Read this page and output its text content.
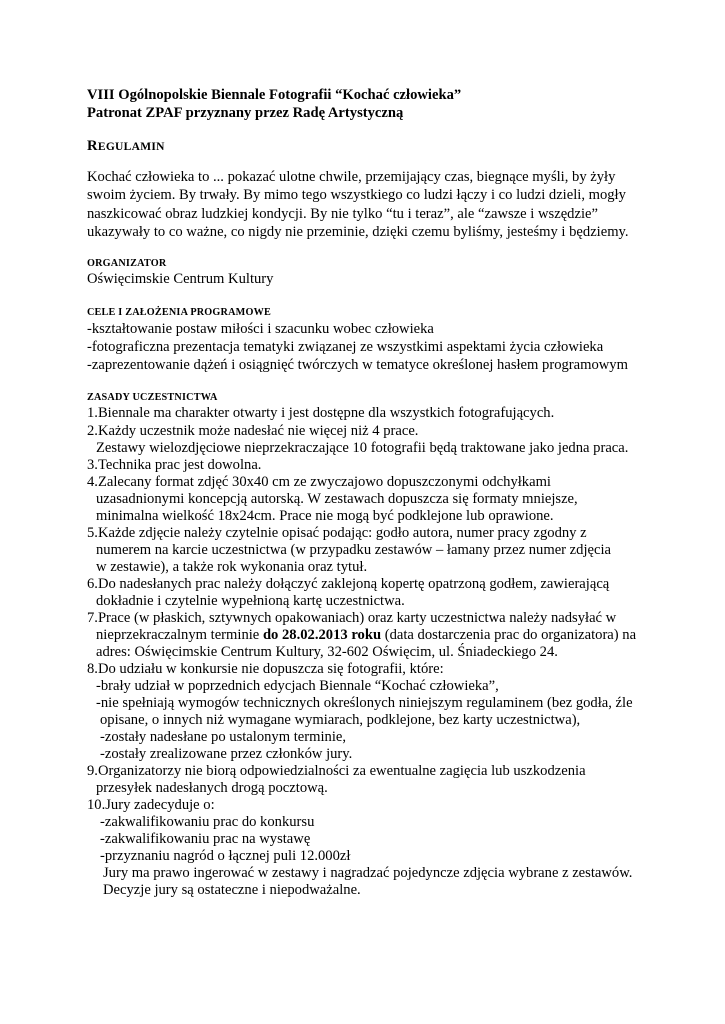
VIII Ogólnopolskie Biennale Fotografii “Kochać człowieka”
Patronat ZPAF przyznany przez Radę Artystyczną
REGULAMIN
Kochać człowieka to ... pokazać ulotne chwile, przemijający czas, biegnące myśli, by żyły
swoim życiem. By trwały. By mimo tego wszystkiego co ludzi łączy i co ludzi dzieli, mogły
naszkicować obraz ludzkiej kondycji. By nie tylko “tu i teraz”, ale “zawsze i wszędzie”
ukazywały to co ważne, co nigdy nie przeminie, dzięki czemu byliśmy, jesteśmy i będziemy.
ORGANIZATOR
Oświęcimskie Centrum Kultury
CELE I ZAŁOŻENIA PROGRAMOWE
-kształtowanie postaw miłości i szacunku wobec człowieka
-fotograficzna prezentacja tematyki związanej ze wszystkimi aspektami życia człowieka
-zaprezentowanie dążeń i osiągnięć twórczych w tematyce określonej hasłem programowym
ZASADY UCZESTNICTWA
1.Biennale ma charakter otwarty i jest dostępne dla wszystkich fotografujących.
2.Każdy uczestnik może nadesłać nie więcej niż 4 prace.
Zestawy wielozdjęciowe nieprzekraczające 10 fotografii będą traktowane jako jedna praca.
3.Technika prac jest dowolna.
4.Zalecany format zdjęć 30x40 cm ze zwyczajowo dopuszczonymi odchyłkami
uzasadnionymi koncepcją autorską. W zestawach dopuszcza się formaty mniejsze,
minimalna wielkość 18x24cm. Prace nie mogą być podklejone lub oprawione.
5.Każde zdjęcie należy czytelnie opisać podając: godło autora, numer pracy zgodny z
numerem na karcie uczestnictwa (w przypadku zestawów – łamany przez numer zdjęcia
w zestawie), a także rok wykonania oraz tytuł.
6.Do nadesłanych prac należy dołączyć zaklejoną kopertę opatrzoną godłem, zawierającą
dokładnie i czytelnie wypełnioną kartę uczestnictwa.
7.Prace (w płaskich, sztywnych opakowaniach) oraz karty uczestnictwa należy nadsyłać w
nieprzekraczalnym terminie do 28.02.2013 roku (data dostarczenia prac do organizatora) na
adres: Oświęcimskie Centrum Kultury, 32-602 Oświęcim, ul. Śniadeckiego 24.
8.Do udziału w konkursie nie dopuszcza się fotografii, które:
-brały udział w poprzednich edycjach Biennale “Kochać człowieka”,
-nie spełniają wymogów technicznych określonych niniejszym regulaminem (bez godła, źle
opisane, o innych niż wymagane wymiarach, podklejone, bez karty uczestnictwa),
-zostały nadesłane po ustalonym terminie,
-zostały zrealizowane przez członków jury.
9.Organizatorzy nie biorą odpowiedzialności za ewentualne zagięcia lub uszkodzenia
przesyłek nadesłanych drogą pocztową.
10.Jury zadecyduje o:
-zakwalifikowaniu prac do konkursu
-zakwalifikowaniu prac na wystawę
-przyznaniu nagród o łącznej puli 12.000zł
Jury ma prawo ingerować w zestawy i nagradzać pojedyncze zdjęcia wybrane z zestawów.
Decyzje jury są ostateczne i niepodważalne.
